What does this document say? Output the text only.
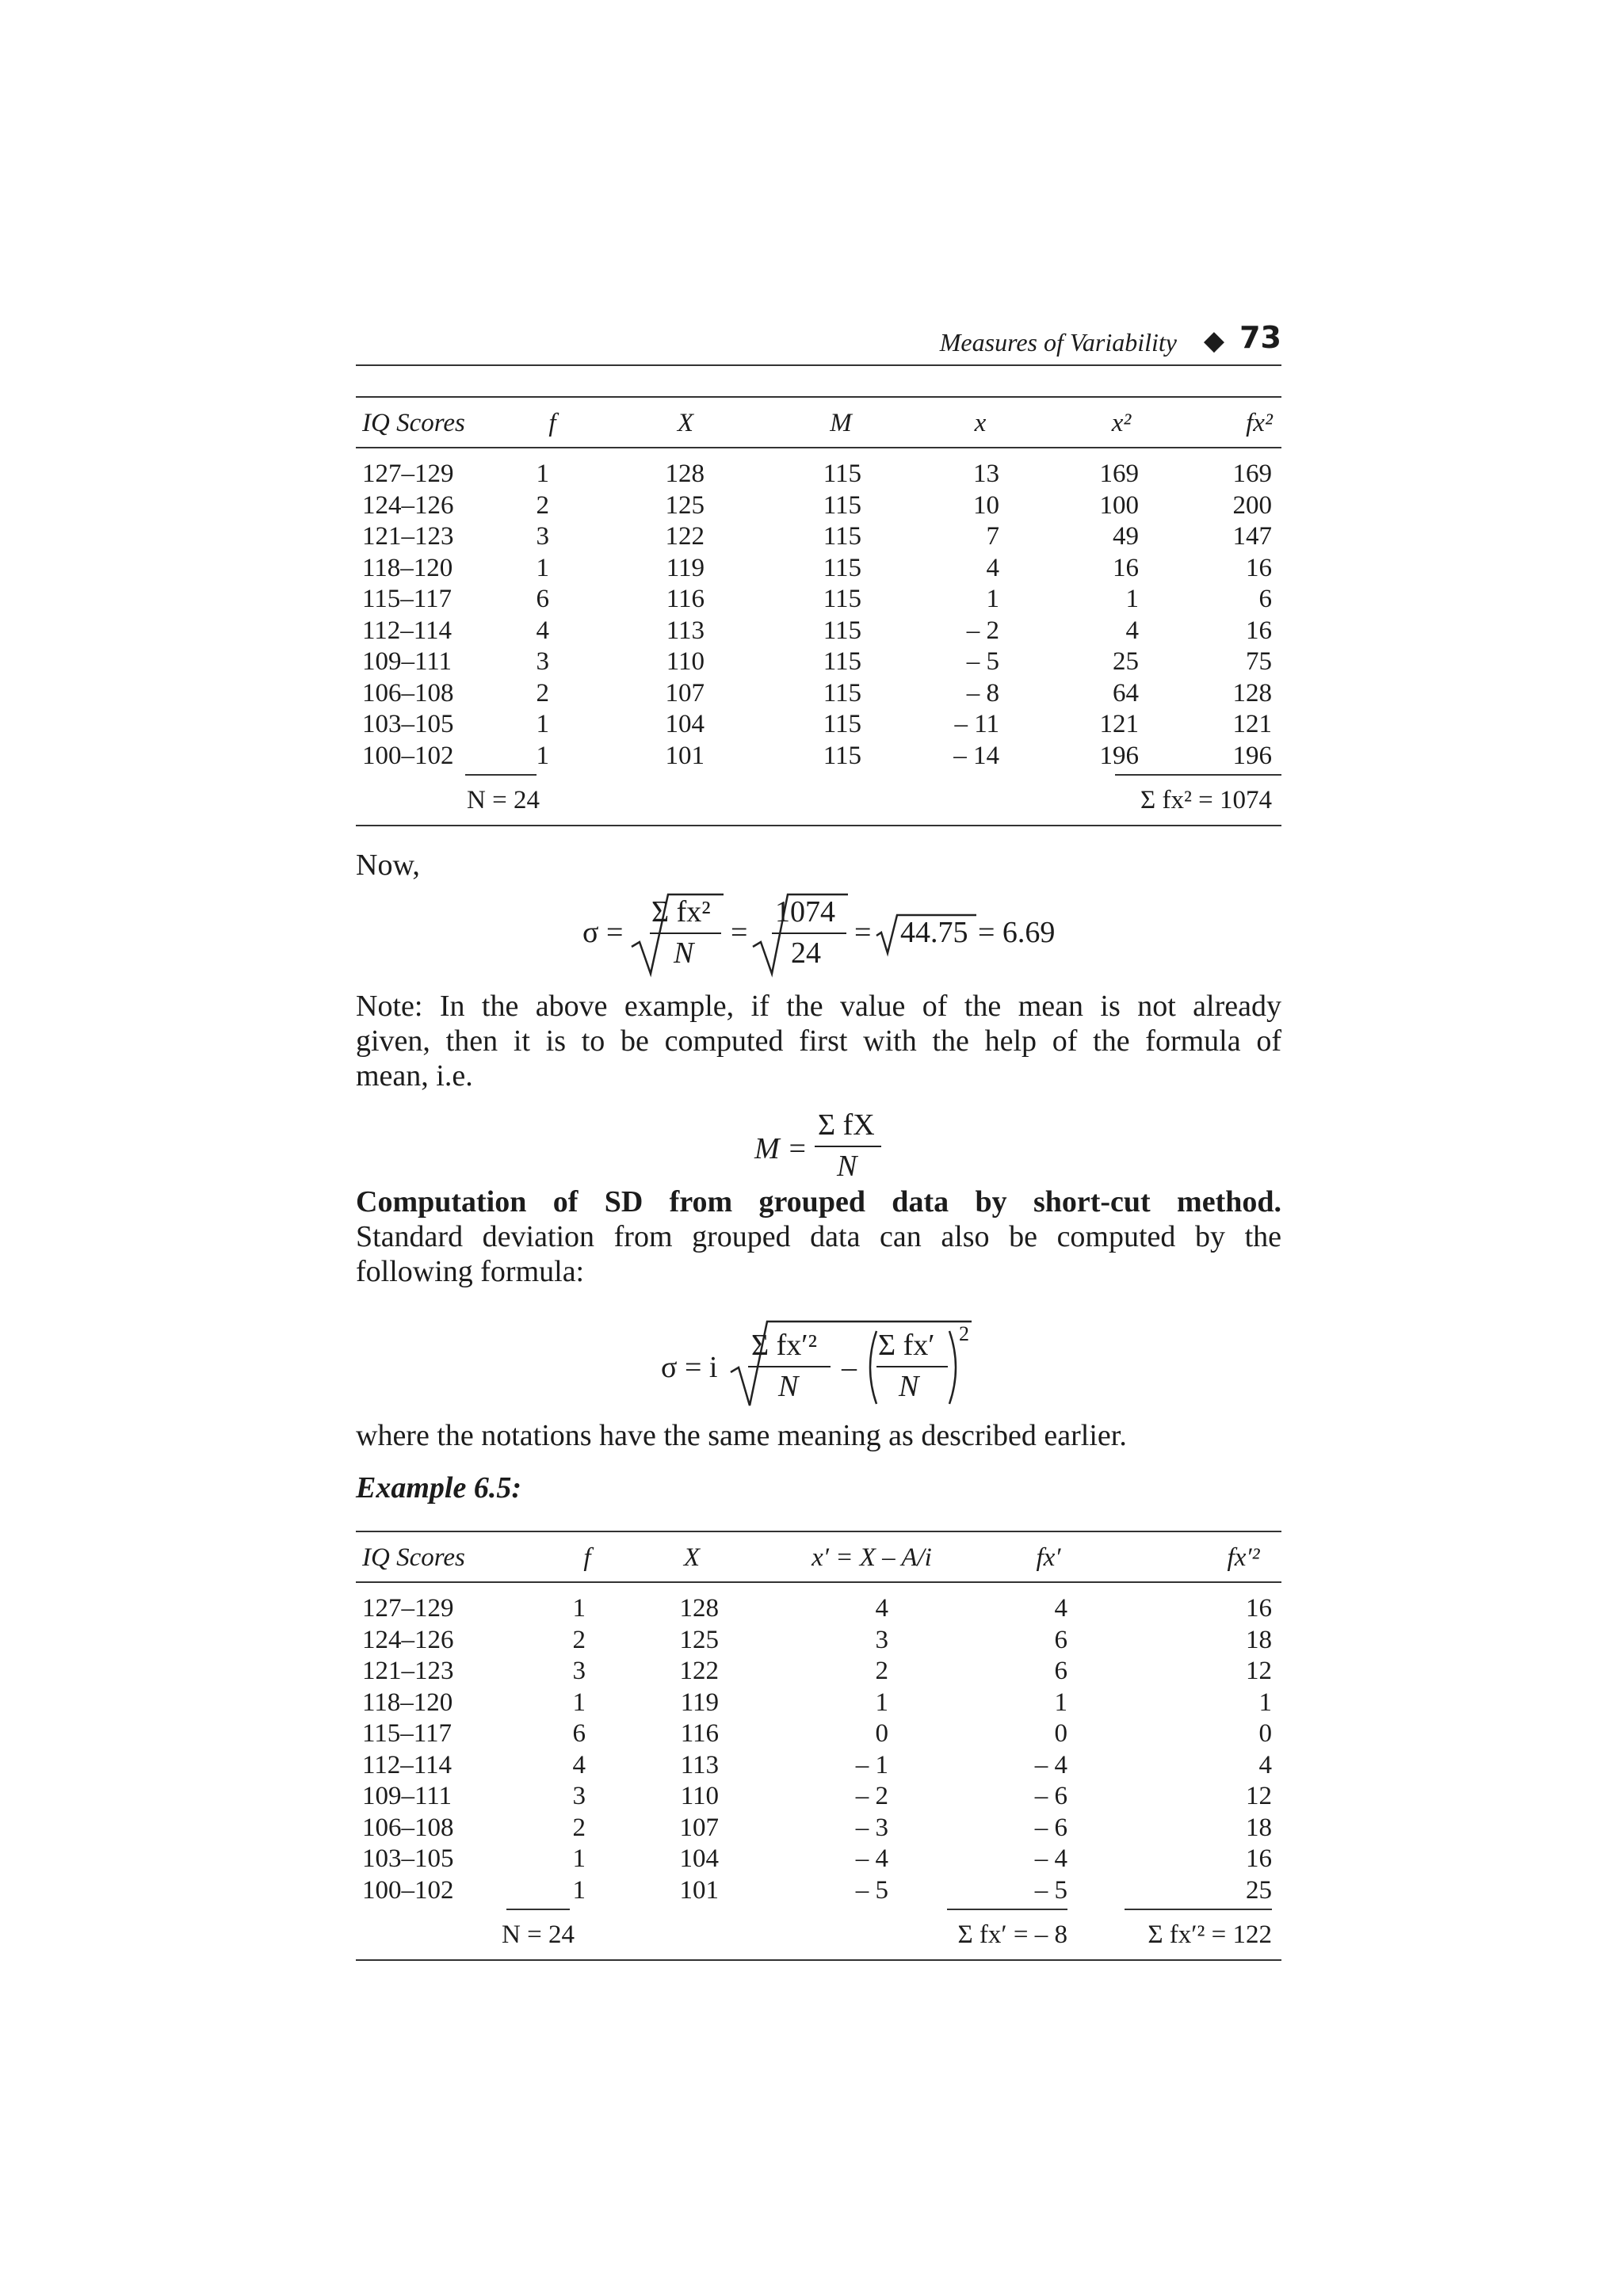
Measures of Variability ◆ 73
N = 24	Σ fx² = 1074
IQ Scores	f	X	M	x	x²	fx²
127–129	1	128	115	13	169	169
124–126	2	125	115	10	100	200
121–123	3	122	115	7	49	147
118–120	1	119	115	4	16	16
115–117	6	116	115	1	1	6
112–114	4	113	115	– 2	4	16
109–111	3	110	115	– 5	25	75
106–108	2	107	115	– 8	64	128
103–105	1	104	115	– 11	121	121
100–102	1	101	115	– 14	196	196
Now,
σ =
Σ fx²
N
=
1074
24
= 44.75 = 6.69
Note: In the above example, if the value of the mean is not already
given, then it is to be computed first with the help of the formula of
mean, i.e.
M =
Σ fX
N
Computation of SD from grouped data by short-cut method.
Standard deviation from grouped data can also be computed by the
following formula:
σ = i
Σ fx′²
N
–
Σ fx′
N
2
where the notations have the same meaning as described earlier.
Example 6.5:
N = 24	Σ fx′ = – 8	Σ fx′² = 122
IQ Scores	f	X	x′ = X – A/i	fx′	fx′²
127–129	1	128	4	4	16
124–126	2	125	3	6	18
121–123	3	122	2	6	12
118–120	1	119	1	1	1
115–117	6	116	0	0	0
112–114	4	113	– 1	– 4	4
109–111	3	110	– 2	– 6	12
106–108	2	107	– 3	– 6	18
103–105	1	104	– 4	– 4	16
100–102	1	101	– 5	– 5	25
